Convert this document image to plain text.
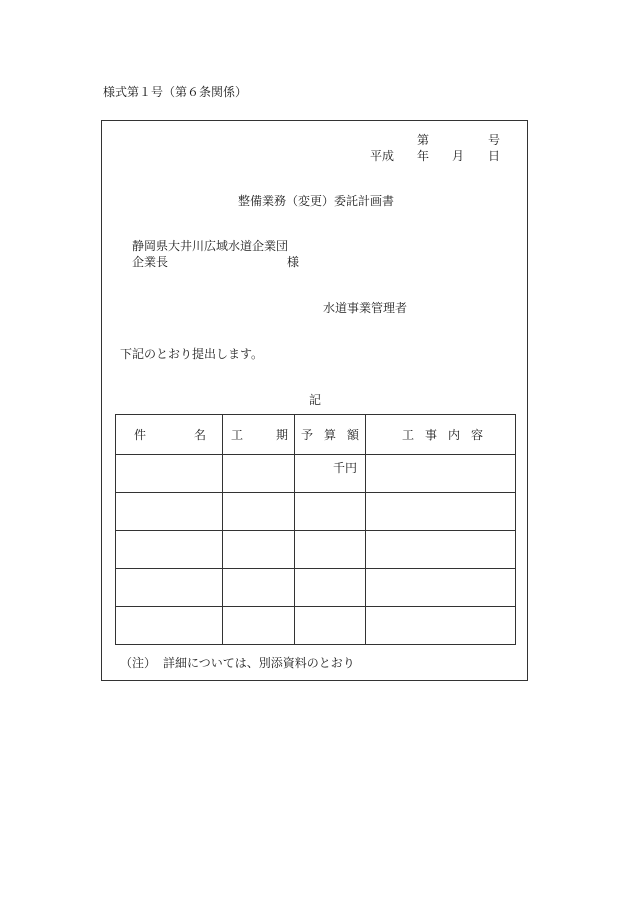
様式第１号（第６条関係）
第	号
平成 年 月 日
整備業務（変更）委託計画書
静岡県大井川広域水道企業団
企業長	様
水道事業管理者
下記のとおり提出します。
記
件 名	工 期	予 算 額	工 事 内 容

		千円	

（注） 詳細については、別添資料のとおり
